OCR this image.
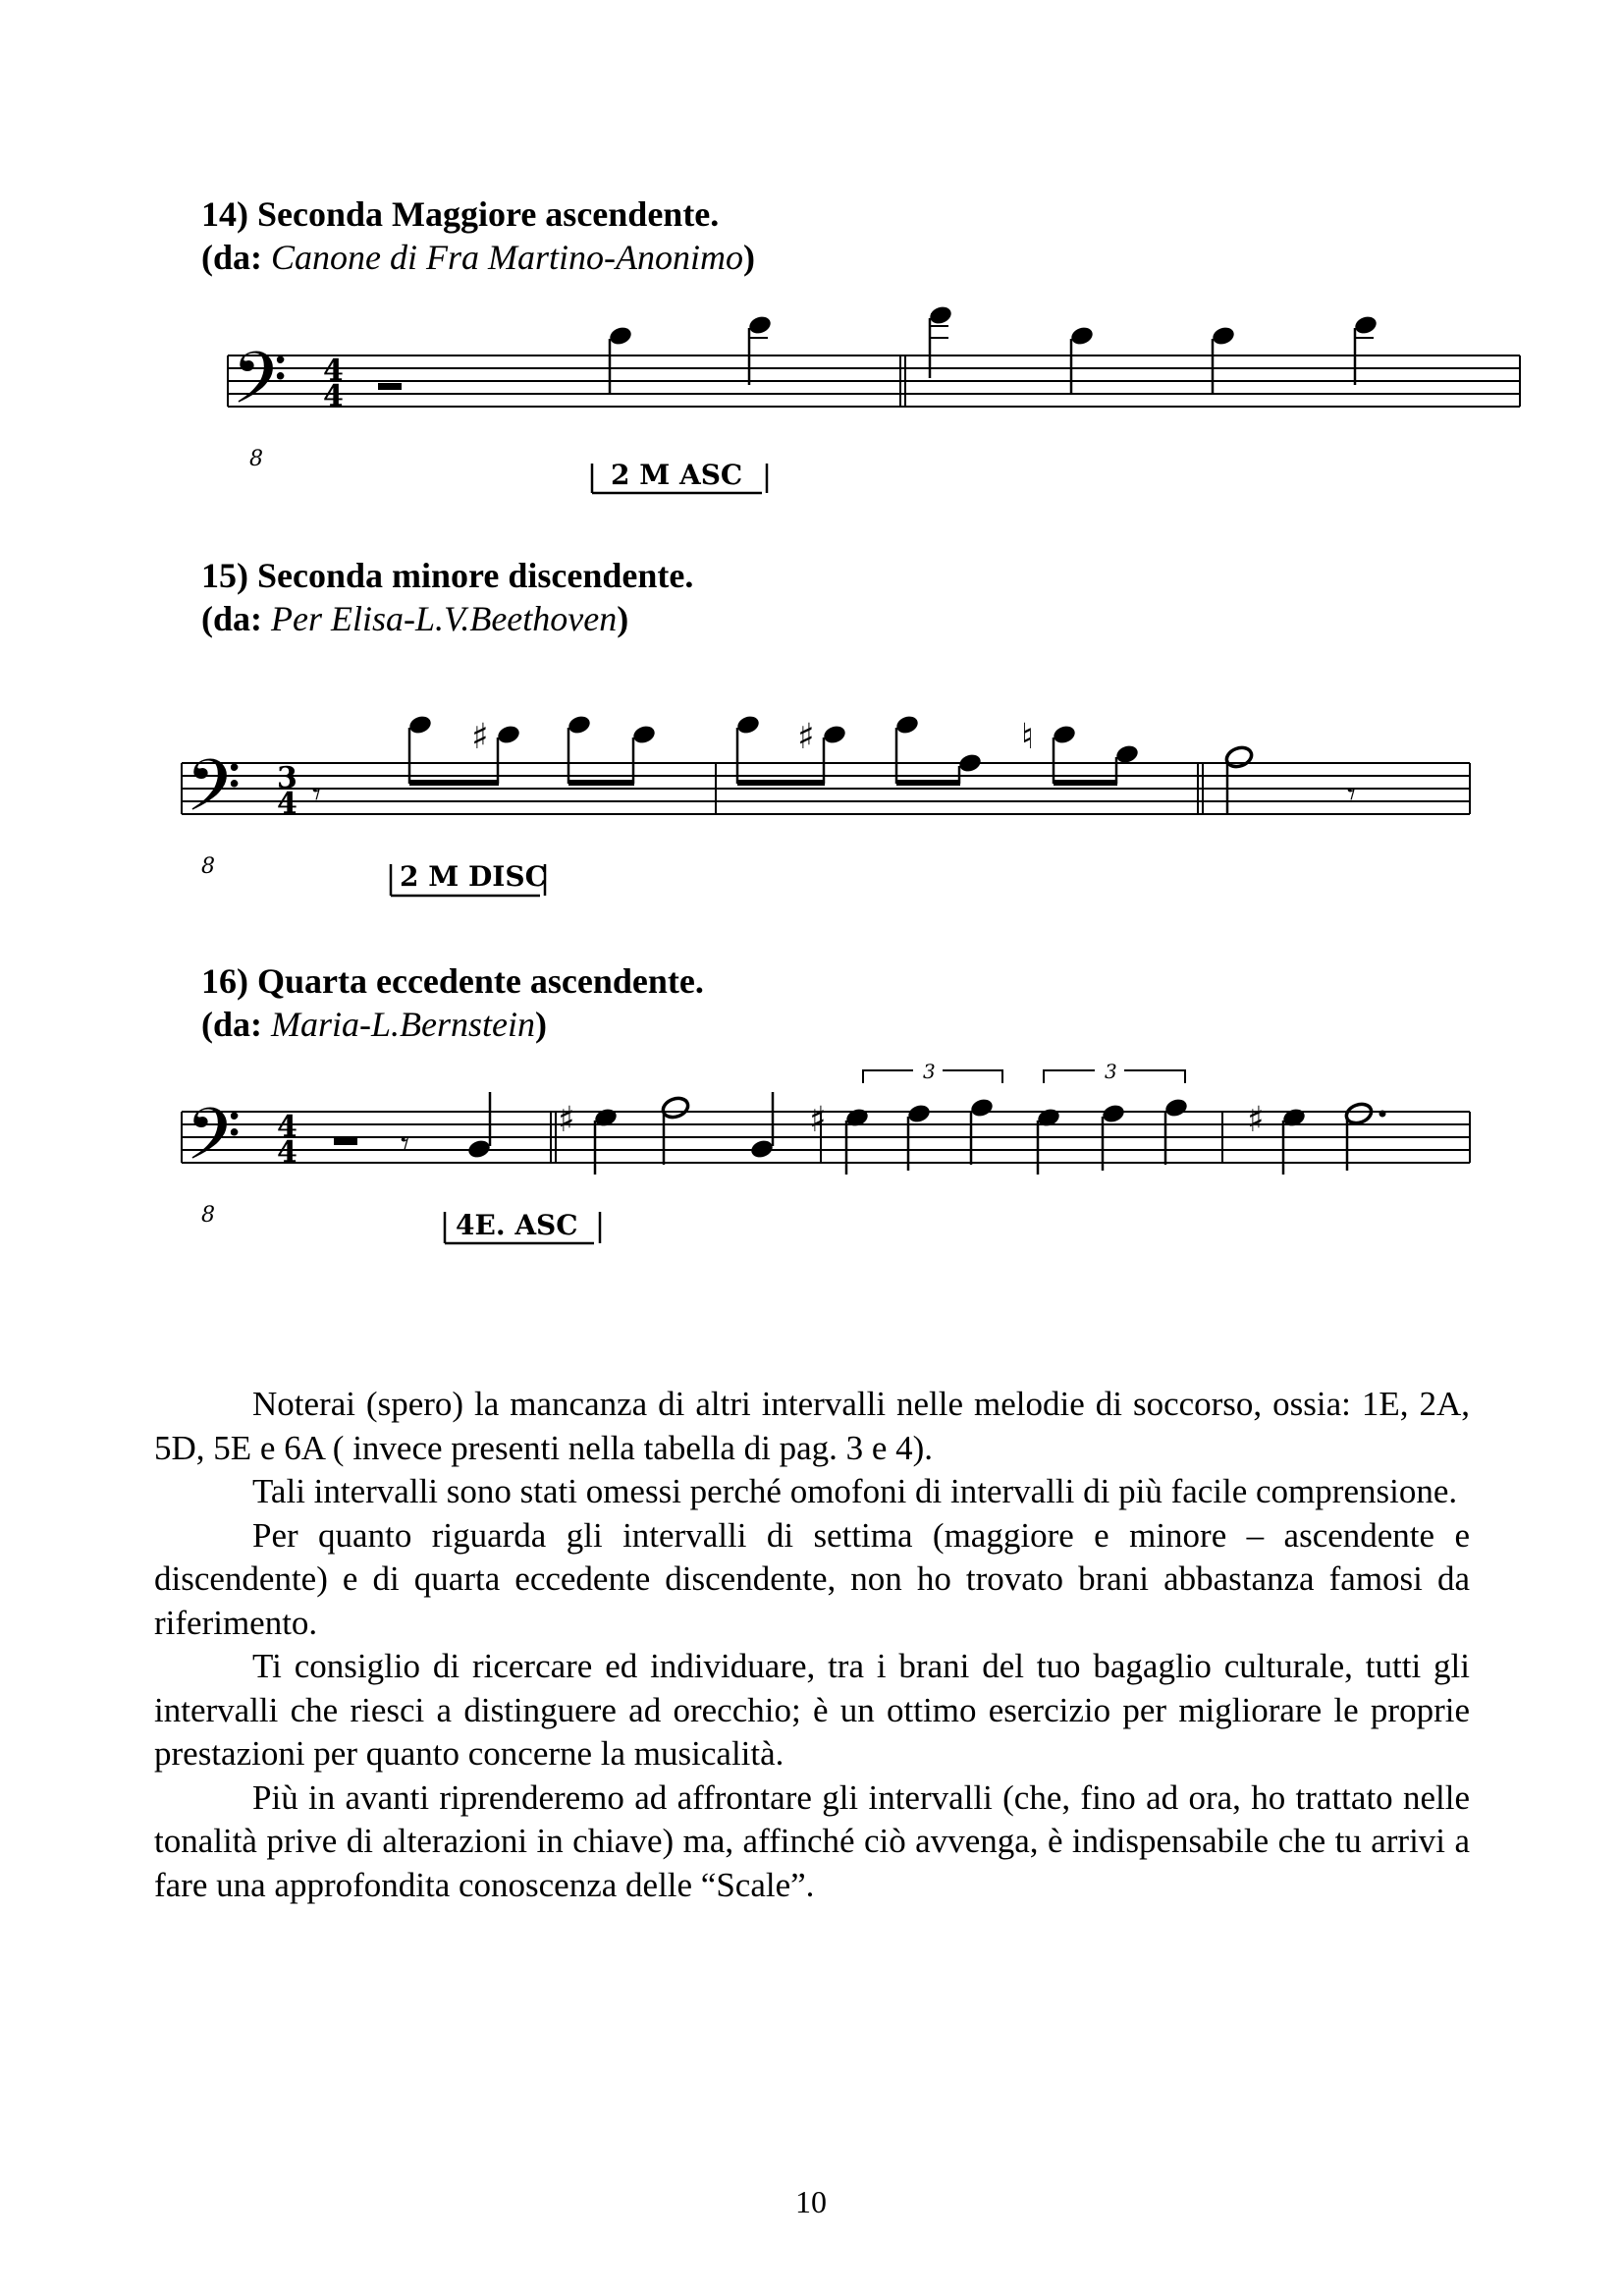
14) Seconda Maggiore ascendente.
(da: Canone di Fra Martino-Anonimo)
𝄢 4
4
8	2 M ASC
15) Seconda minore discendente.
(da: Per Elisa-L.V.Beethoven)
𝄢 3
4
8
𝄾
♯	♯	♮
𝄾
2 M DISC
16) Quarta eccedente ascendente.
(da: Maria-L.Bernstein)
𝄢 4
4
8
𝄾
♯	♯	♯
3	3
4E. ASC

Noterai (spero) la mancanza di altri intervalli nelle melodie di soccorso, ossia: 1E, 2A, 5D, 5E e 6A ( invece presenti nella tabella di pag. 3 e 4).

Tali intervalli sono stati omessi perché omofoni di intervalli di più facile comprensione.

Per quanto riguarda gli intervalli di settima (maggiore e minore – ascendente e discendente) e di quarta eccedente discendente, non ho trovato brani abbastanza famosi da riferimento.

Ti consiglio di ricercare ed individuare, tra i brani del tuo bagaglio culturale, tutti gli intervalli che riesci a distinguere ad orecchio; è un ottimo esercizio per migliorare le proprie prestazioni per quanto concerne la musicalità.

Più in avanti riprenderemo ad affrontare gli intervalli (che, fino ad ora, ho trattato nelle tonalità prive di alterazioni in chiave) ma, affinché ciò avvenga, è indispensabile che tu arrivi a fare una approfondita conoscenza delle “Scale”.

10
